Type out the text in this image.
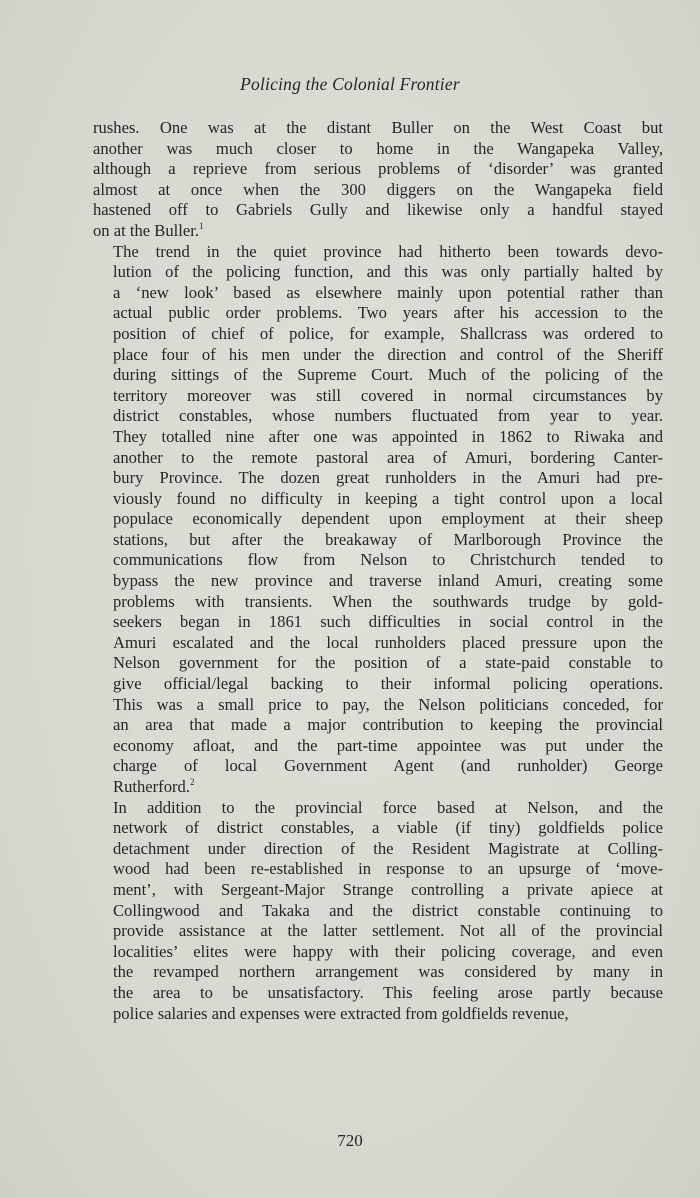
Policing the Colonial Frontier

rushes. One was at the distant Buller on the West Coast but
another was much closer to home in the Wangapeka Valley,
although a reprieve from serious problems of ‘disorder’ was granted
almost at once when the 300 diggers on the Wangapeka field
hastened off to Gabriels Gully and likewise only a handful stayed
on at the Buller.$^1$

The trend in the quiet province had hitherto been towards devo-
lution of the policing function, and this was only partially halted by
a ‘new look’ based as elsewhere mainly upon potential rather than
actual public order problems. Two years after his accession to the
position of chief of police, for example, Shallcrass was ordered to
place four of his men under the direction and control of the Sheriff
during sittings of the Supreme Court. Much of the policing of the
territory moreover was still covered in normal circumstances by
district constables, whose numbers fluctuated from year to year.
They totalled nine after one was appointed in 1862 to Riwaka and
another to the remote pastoral area of Amuri, bordering Canter-
bury Province. The dozen great runholders in the Amuri had pre-
viously found no difficulty in keeping a tight control upon a local
populace economically dependent upon employment at their sheep
stations, but after the breakaway of Marlborough Province the
communications flow from Nelson to Christchurch tended to
bypass the new province and traverse inland Amuri, creating some
problems with transients. When the southwards trudge by gold-
seekers began in 1861 such difficulties in social control in the
Amuri escalated and the local runholders placed pressure upon the
Nelson government for the position of a state-paid constable to
give official/legal backing to their informal policing operations.
This was a small price to pay, the Nelson politicians conceded, for
an area that made a major contribution to keeping the provincial
economy afloat, and the part-time appointee was put under the
charge of local Government Agent (and runholder) George
Rutherford.$^2$

In addition to the provincial force based at Nelson, and the
network of district constables, a viable (if tiny) goldfields police
detachment under direction of the Resident Magistrate at Colling-
wood had been re-established in response to an upsurge of ‘move-
ment’, with Sergeant-Major Strange controlling a private apiece at
Collingwood and Takaka and the district constable continuing to
provide assistance at the latter settlement. Not all of the provincial
localities’ elites were happy with their policing coverage, and even
the revamped northern arrangement was considered by many in
the area to be unsatisfactory. This feeling arose partly because
police salaries and expenses were extracted from goldfields revenue,

720
